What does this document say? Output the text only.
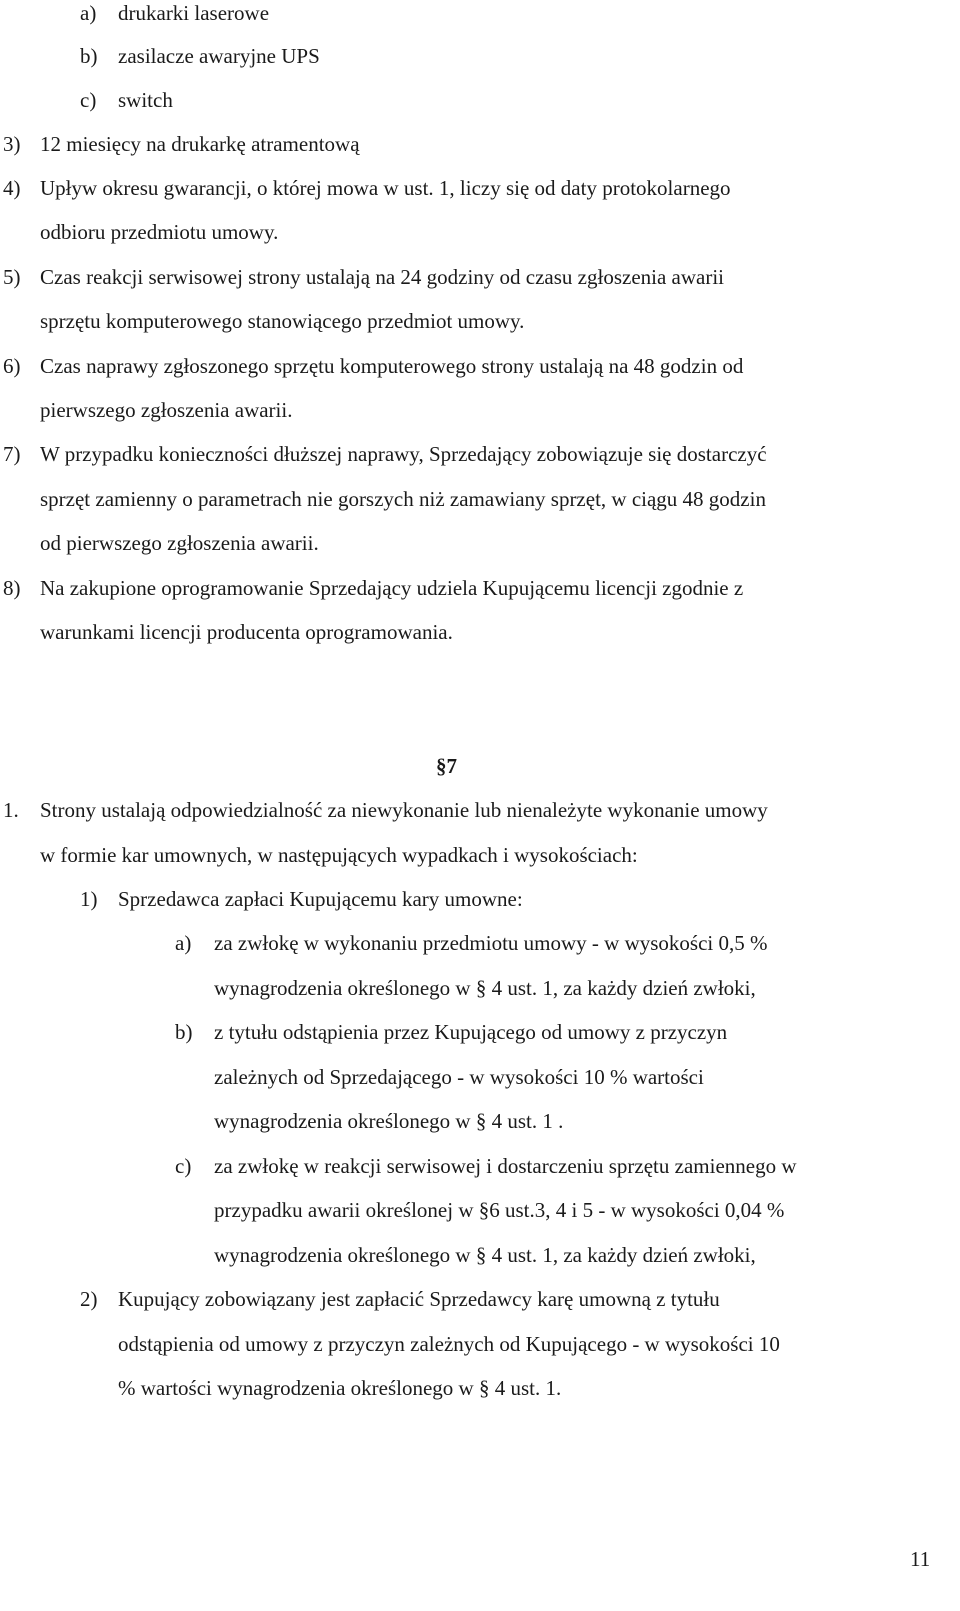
a) drukarki laserowe
b) zasilacze awaryjne UPS
c) switch
3) 12 miesięcy na drukarkę atramentową
4) Upływ okresu gwarancji, o której mowa w ust. 1, liczy się od daty protokolarnego
odbioru przedmiotu umowy.
5) Czas reakcji serwisowej strony ustalają na 24 godziny od czasu zgłoszenia awarii
sprzętu komputerowego stanowiącego przedmiot umowy.
6) Czas naprawy zgłoszonego sprzętu komputerowego strony ustalają na 48 godzin od
pierwszego zgłoszenia awarii.
7) W przypadku konieczności dłuższej naprawy, Sprzedający zobowiązuje się dostarczyć
sprzęt zamienny o parametrach nie gorszych niż zamawiany sprzęt, w ciągu 48 godzin
od pierwszego zgłoszenia awarii.
8) Na zakupione oprogramowanie Sprzedający udziela Kupującemu licencji zgodnie z
warunkami licencji producenta oprogramowania.
§7
1. Strony ustalają odpowiedzialność za niewykonanie lub nienależyte wykonanie umowy
w formie kar umownych, w następujących wypadkach i wysokościach:
1) Sprzedawca zapłaci Kupującemu kary umowne:
a) za zwłokę w wykonaniu przedmiotu umowy - w wysokości 0,5 %
wynagrodzenia określonego w § 4 ust. 1, za każdy dzień zwłoki,
b) z tytułu odstąpienia przez Kupującego od umowy z przyczyn
zależnych od Sprzedającego - w wysokości 10 % wartości
wynagrodzenia określonego w § 4 ust. 1 .
c) za zwłokę w reakcji serwisowej i dostarczeniu sprzętu zamiennego w
przypadku awarii określonej w §6 ust.3, 4 i 5 - w wysokości 0,04 %
wynagrodzenia określonego w § 4 ust. 1, za każdy dzień zwłoki,
2) Kupujący zobowiązany jest zapłacić Sprzedawcy karę umowną z tytułu
odstąpienia od umowy z przyczyn zależnych od Kupującego - w wysokości 10
% wartości wynagrodzenia określonego w § 4 ust. 1.
11
